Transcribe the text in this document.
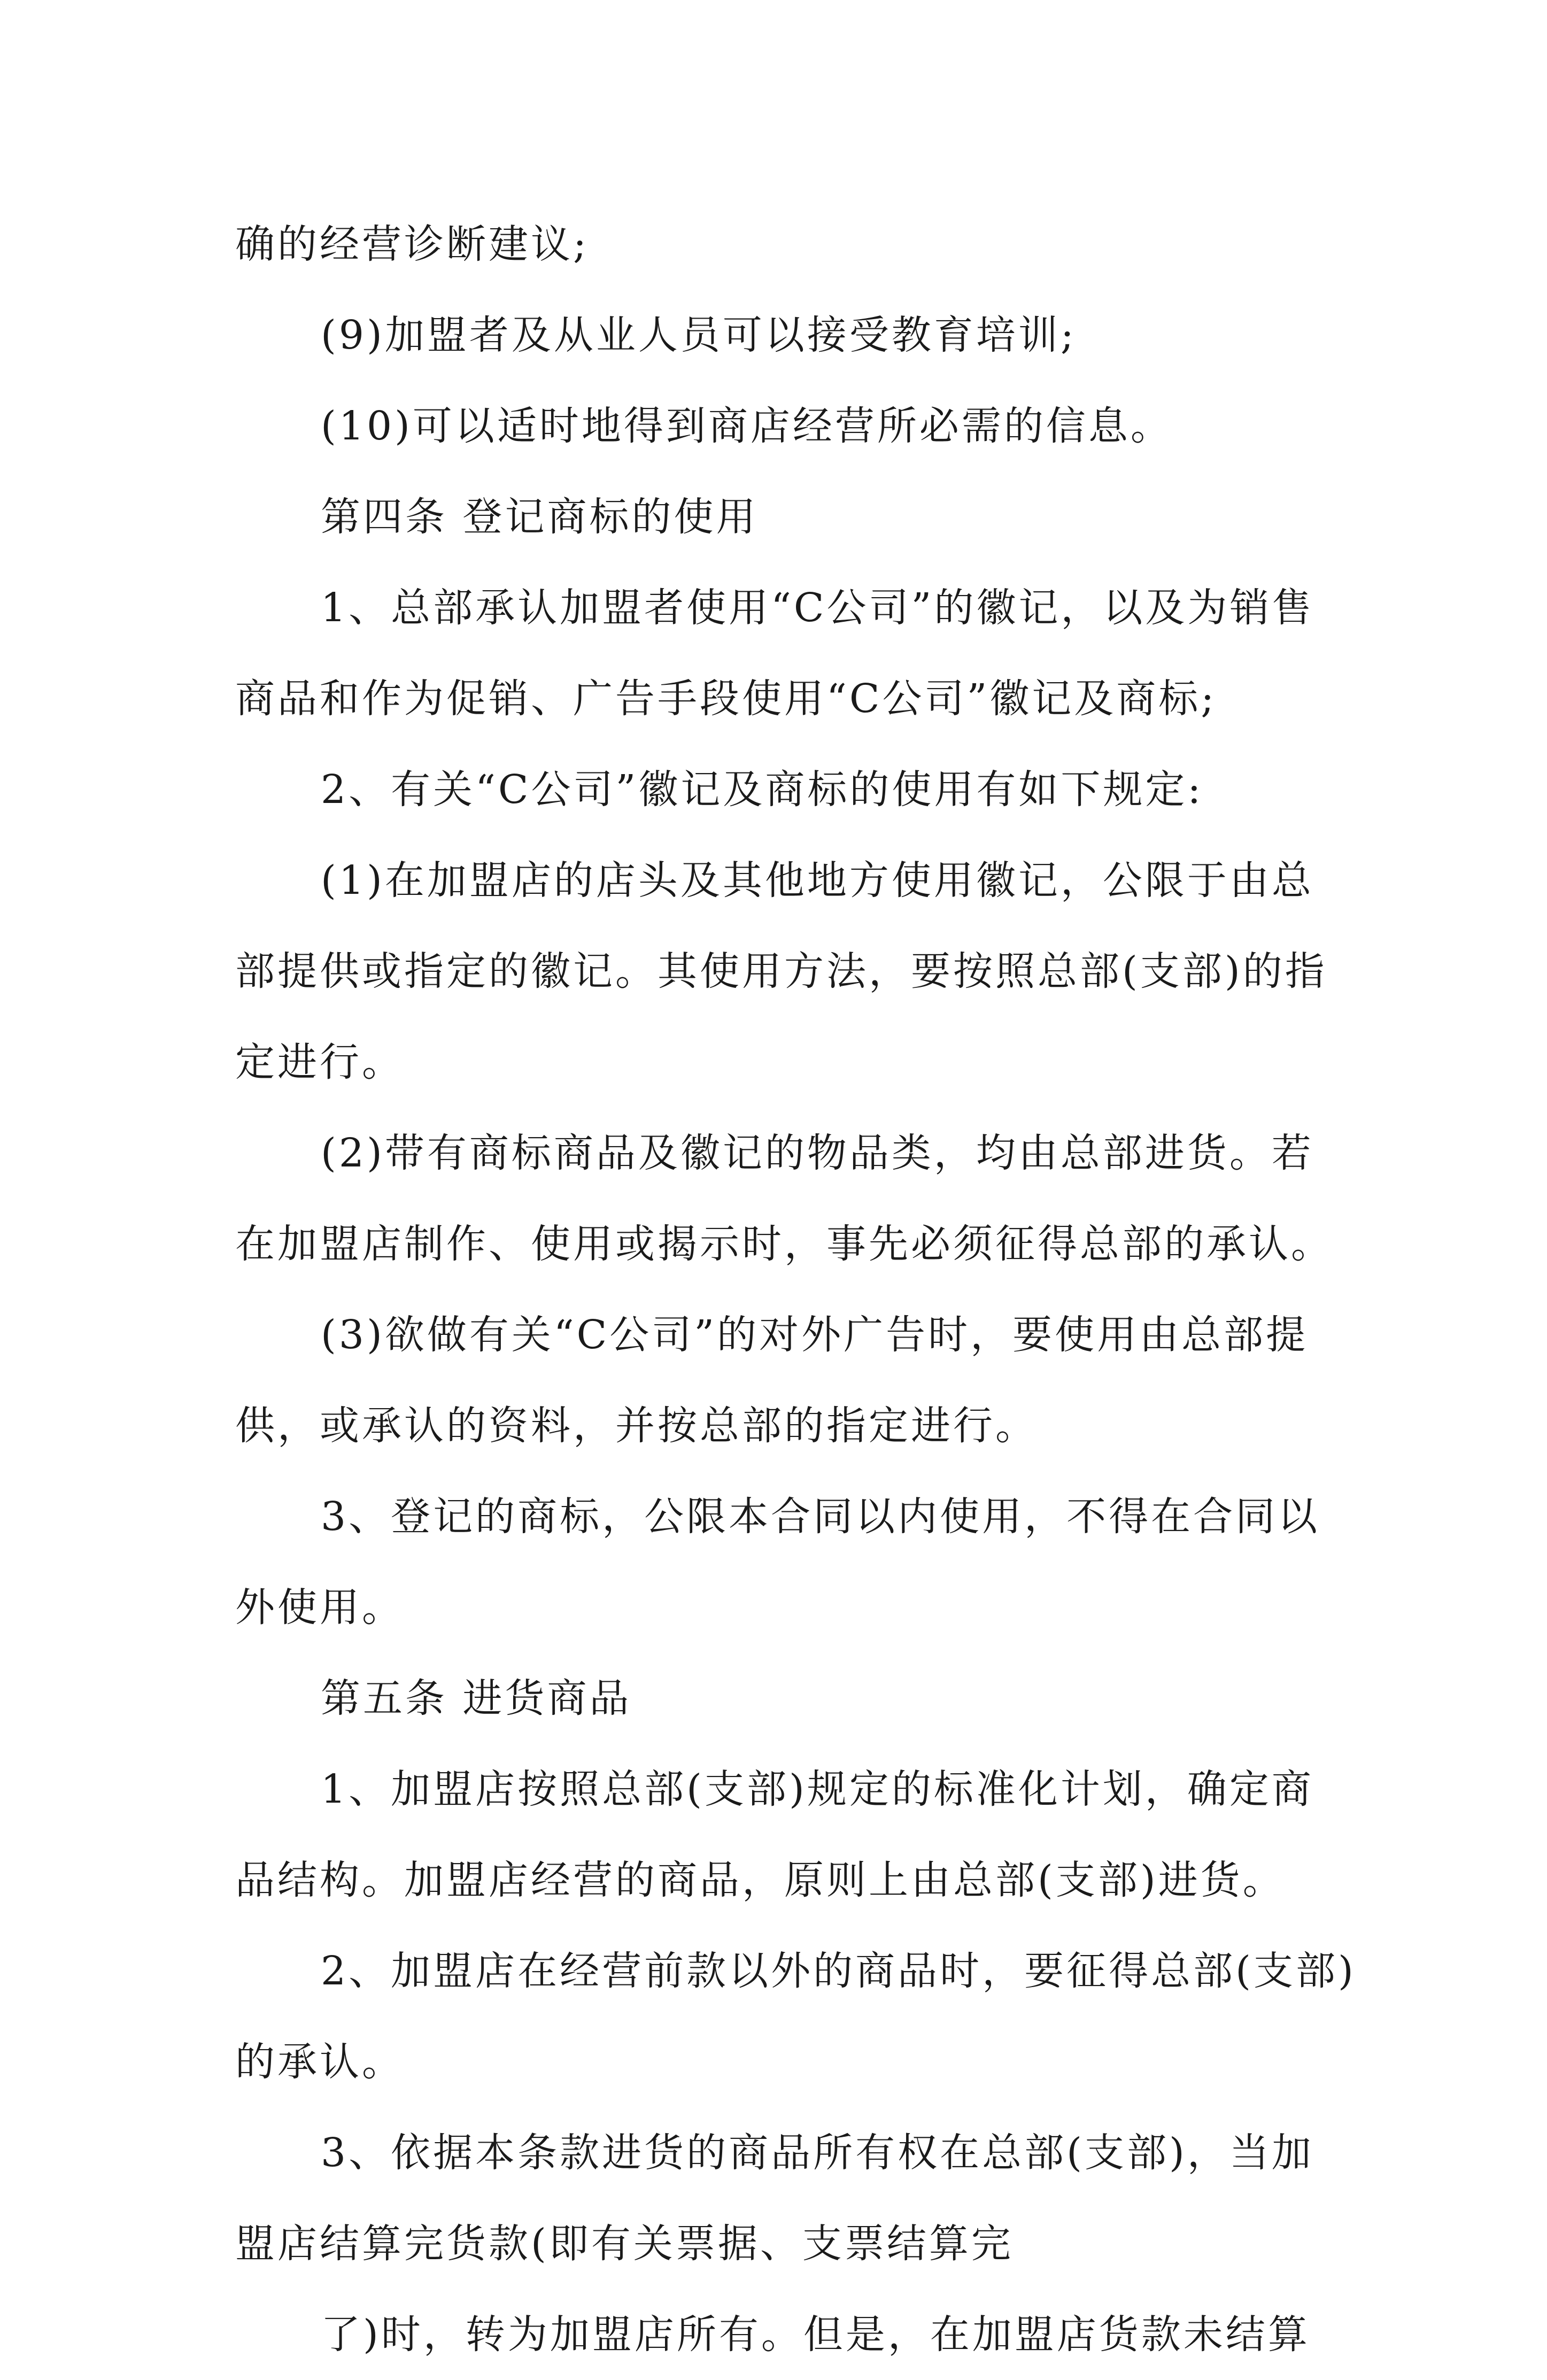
确的经营诊断建议;
(9)加盟者及从业人员可以接受教育培训;
(10)可以适时地得到商店经营所必需的信息。
第四条 登记商标的使用
1、总部承认加盟者使用“C公司”的徽记，以及为销售
商品和作为促销、广告手段使用“C公司”徽记及商标;
2、有关“C公司”徽记及商标的使用有如下规定:
(1)在加盟店的店头及其他地方使用徽记，公限于由总
部提供或指定的徽记。其使用方法，要按照总部(支部)的指
定进行。
(2)带有商标商品及徽记的物品类，均由总部进货。若
在加盟店制作、使用或揭示时，事先必须征得总部的承认。
(3)欲做有关“C公司”的对外广告时，要使用由总部提
供，或承认的资料，并按总部的指定进行。
3、登记的商标，公限本合同以内使用，不得在合同以
外使用。
第五条 进货商品
1、加盟店按照总部(支部)规定的标准化计划，确定商
品结构。加盟店经营的商品，原则上由总部(支部)进货。
2、加盟店在经营前款以外的商品时，要征得总部(支部)
的承认。
3、依据本条款进货的商品所有权在总部(支部)，当加
盟店结算完货款(即有关票据、支票结算完
了)时，转为加盟店所有。但是，在加盟店货款未结算
